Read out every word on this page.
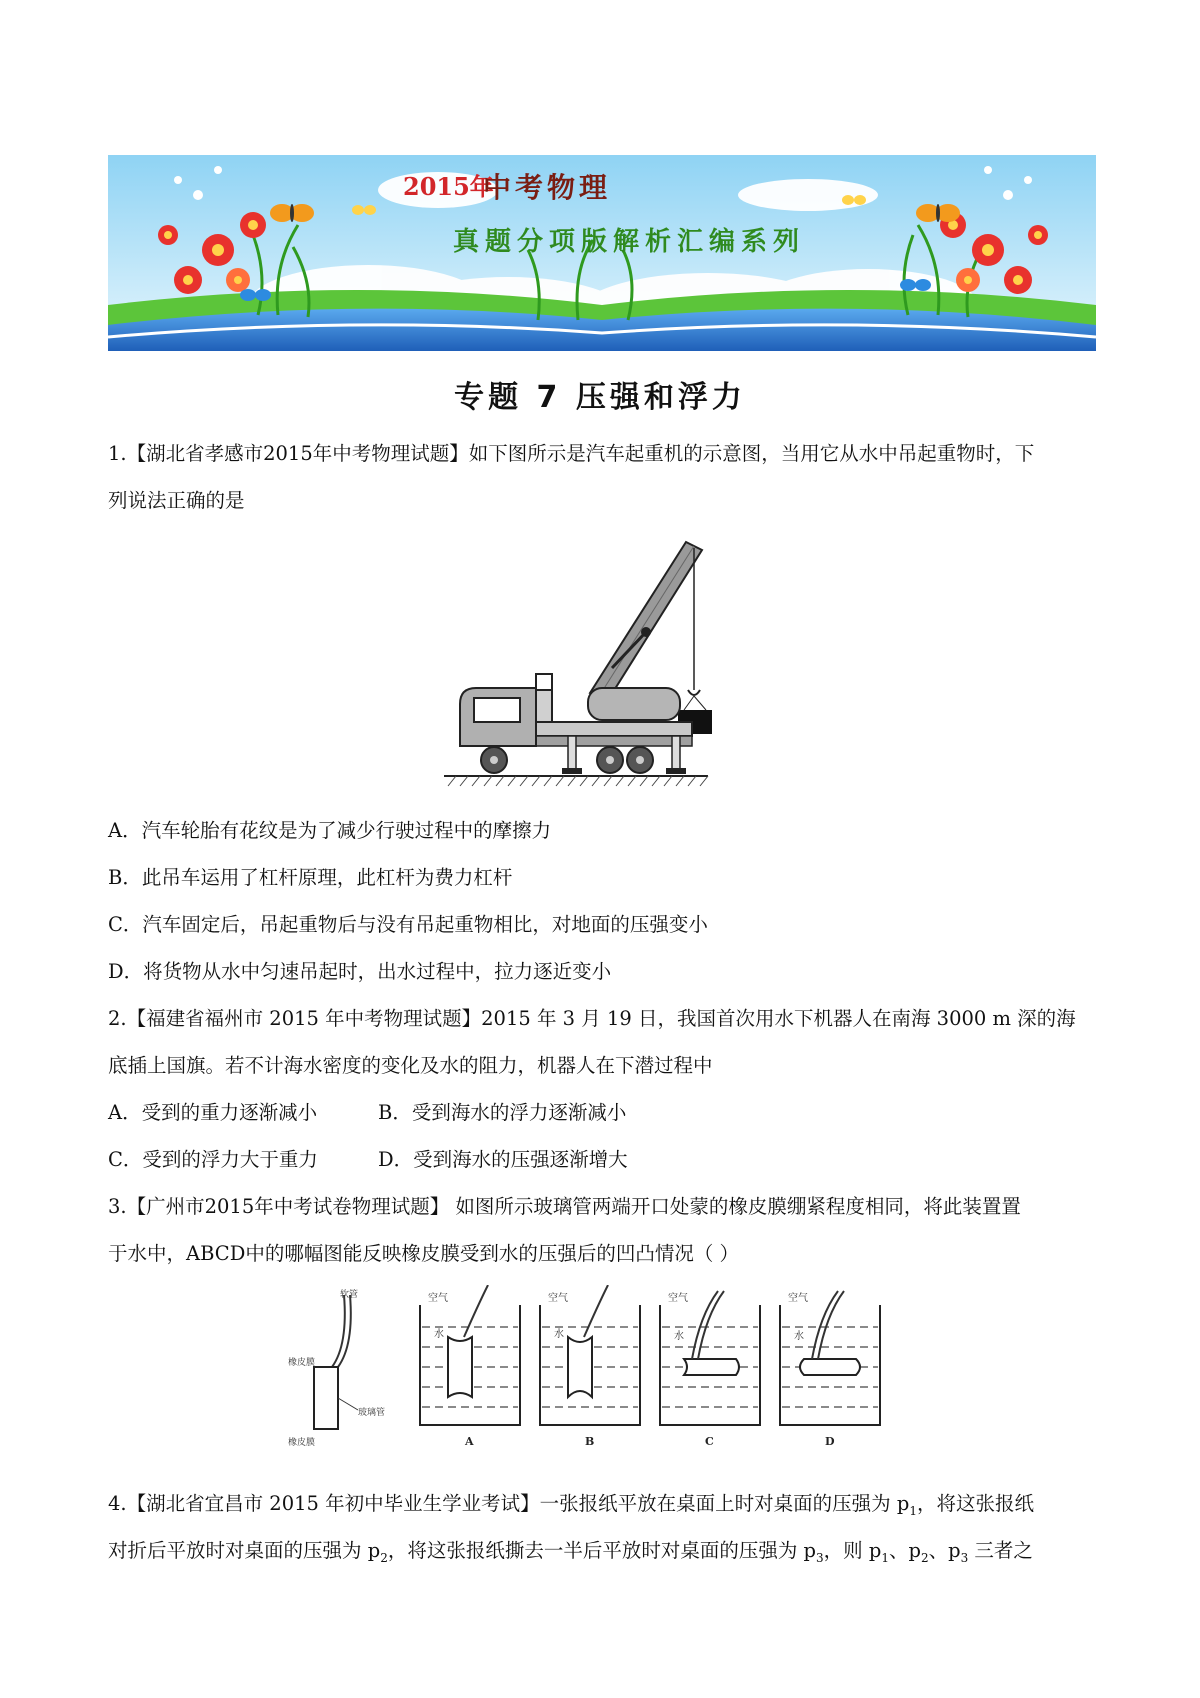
2015年
中考物理
真题分项版解析汇编系列
专题 7 压强和浮力
1.【湖北省孝感市2015年中考物理试题】如下图所示是汽车起重机的示意图，当用它从水中吊起重物时，下
列说法正确的是
A．汽车轮胎有花纹是为了减少行驶过程中的摩擦力
B．此吊车运用了杠杆原理，此杠杆为费力杠杆
C．汽车固定后，吊起重物后与没有吊起重物相比，对地面的压强变小
D．将货物从水中匀速吊起时，出水过程中，拉力逐近变小
2.【福建省福州市 2015 年中考物理试题】2015 年 3 月 19 日，我国首次用水下机器人在南海 3000 m 深的海
底插上国旗。若不计海水密度的变化及水的阻力，机器人在下潜过程中
A．受到的重力逐渐减小	B．受到海水的浮力逐渐减小
C．受到的浮力大于重力	D．受到海水的压强逐渐增大
3.【广州市2015年中考试卷物理试题】 如图所示玻璃管两端开口处蒙的橡皮膜绷紧程度相同，将此装置置
于水中，ABCD中的哪幅图能反映橡皮膜受到水的压强后的凹凸情况（ ）
软管
橡皮膜
玻璃管
橡皮膜
空气
水
A
空气
水
B
空气
水
C
空气
水
D
4.【湖北省宜昌市 2015 年初中毕业生学业考试】一张报纸平放在桌面上时对桌面的压强为 $p_1$，将这张报纸
对折后平放时对桌面的压强为 $p_2$，将这张报纸撕去一半后平放时对桌面的压强为 $p_3$，则 $p_1$、$p_2$、$p_3$ 三者之
